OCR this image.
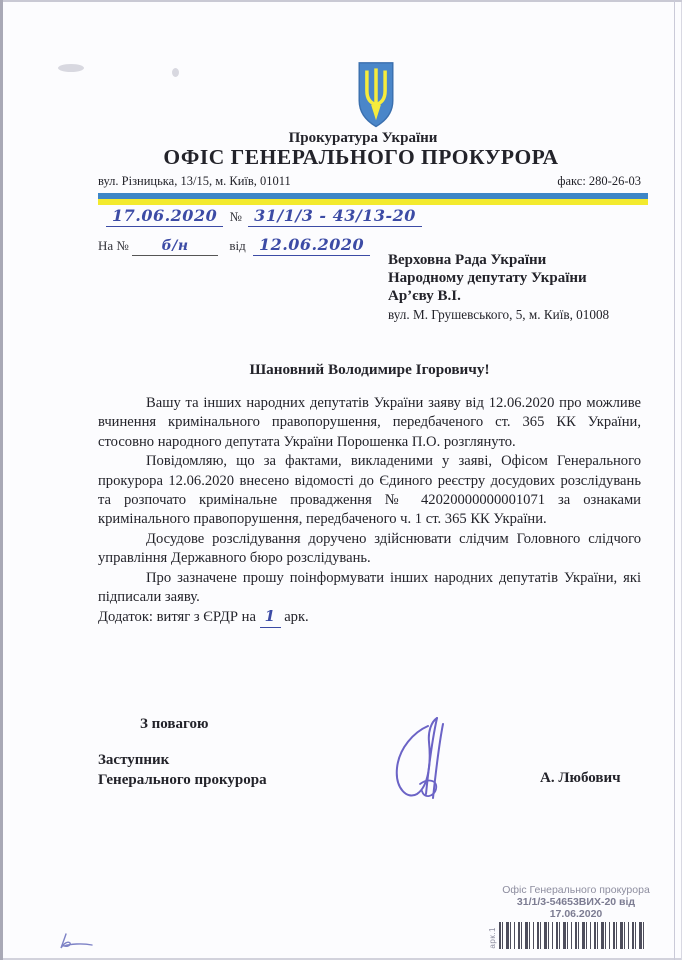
Прокуратура України
ОФІС ГЕНЕРАЛЬНОГО ПРОКУРОРА
вул. Різницька, 13/15, м. Київ, 01011	факс: 280-26-03
17.06.2020 № 31/1/3 - 43/13-20
На № б/н	від 12.06.2020
Верховна Рада України
Народному депутату України
Ар’єву В.І.
вул. М. Грушевського, 5, м. Київ, 01008
Шановний Володимире Ігоровичу!

Вашу та інших народних депутатів України заяву від 12.06.2020 про можливе вчинення кримінального правопорушення, передбаченого ст. 365 КК України, стосовно народного депутата України Порошенка П.О. розглянуто.

Повідомляю, що за фактами, викладеними у заяві, Офісом Генерального прокурора 12.06.2020 внесено відомості до Єдиного реєстру досудових розслідувань та розпочато кримінальне провадження № 42020000000001071 за ознаками кримінального правопорушення, передбаченого ч. 1 ст. 365 КК України.

Досудове розслідування доручено здійснювати слідчим Головного слідчого управління Державного бюро розслідувань.

Про зазначене прошу поінформувати інших народних депутатів України, які підписали заяву.

Додаток: витяг з ЄРДР на 1 арк.

З повагою
Заступник
Генерального прокурора	А. Любович
Офіс Генерального прокурора
31/1/3-54653ВИХ-20 від
17.06.2020
арк.1
